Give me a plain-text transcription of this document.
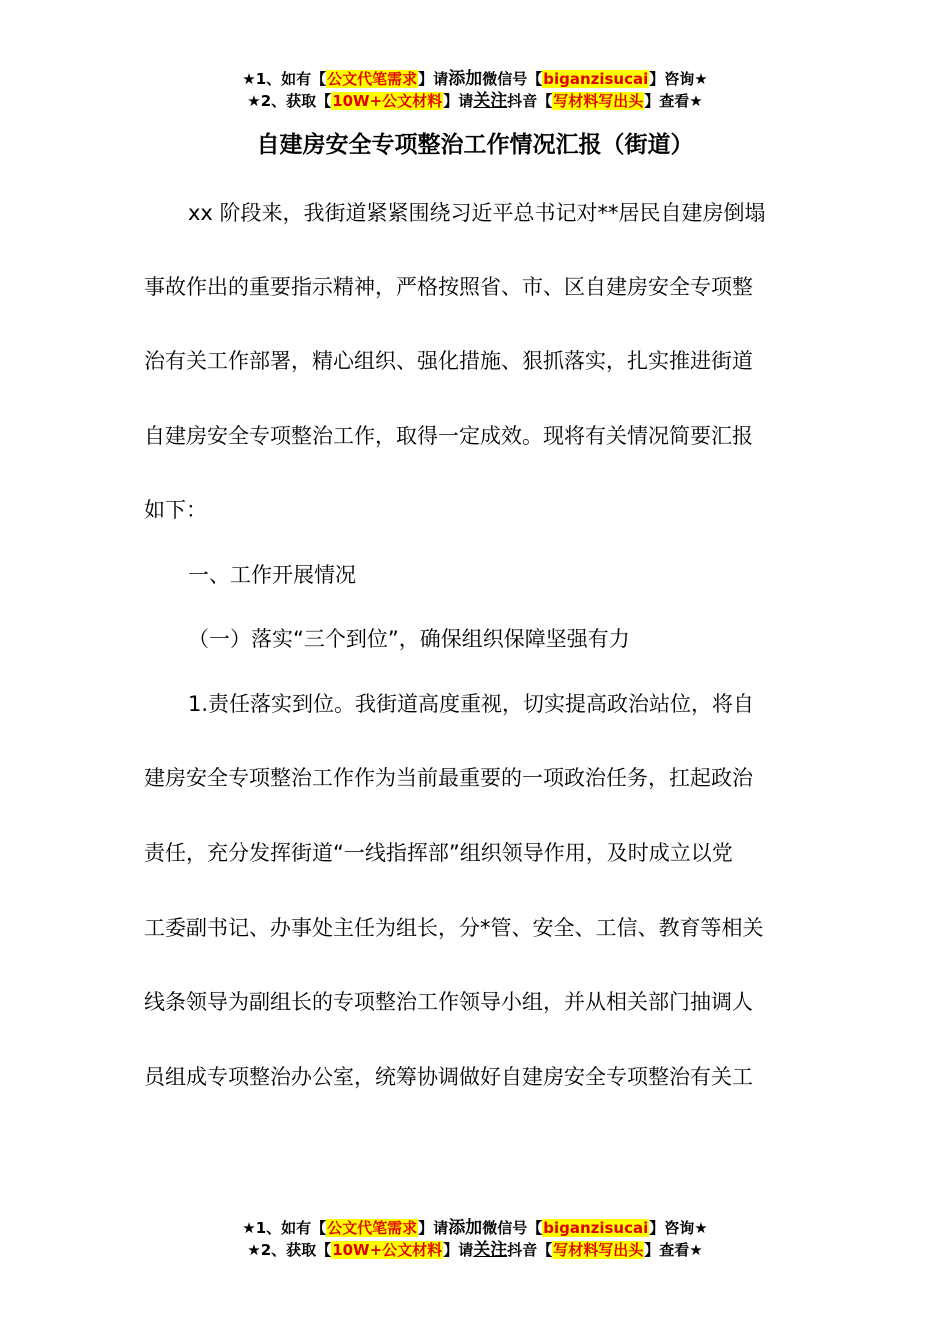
★1、如有【公文代笔需求】请添加微信号【biganzisucai】咨询★
★2、获取【10W+公文材料】请关注抖音【写材料写出头】查看★
自建房安全专项整治工作情况汇报（街道）
xx 阶段来，我街道紧紧围绕习近平总书记对**居民自建房倒塌
事故作出的重要指示精神，严格按照省、市、区自建房安全专项整
治有关工作部署，精心组织、强化措施、狠抓落实，扎实推进街道
自建房安全专项整治工作，取得一定成效。现将有关情况简要汇报
如下：
一、工作开展情况
（一）落实“三个到位”，确保组织保障坚强有力
1.责任落实到位。我街道高度重视，切实提高政治站位，将自
建房安全专项整治工作作为当前最重要的一项政治任务，扛起政治
责任，充分发挥街道“一线指挥部”组织领导作用，及时成立以党
工委副书记、办事处主任为组长，分*管、安全、工信、教育等相关
线条领导为副组长的专项整治工作领导小组，并从相关部门抽调人
员组成专项整治办公室，统筹协调做好自建房安全专项整治有关工
★1、如有【公文代笔需求】请添加微信号【biganzisucai】咨询★
★2、获取【10W+公文材料】请关注抖音【写材料写出头】查看★
